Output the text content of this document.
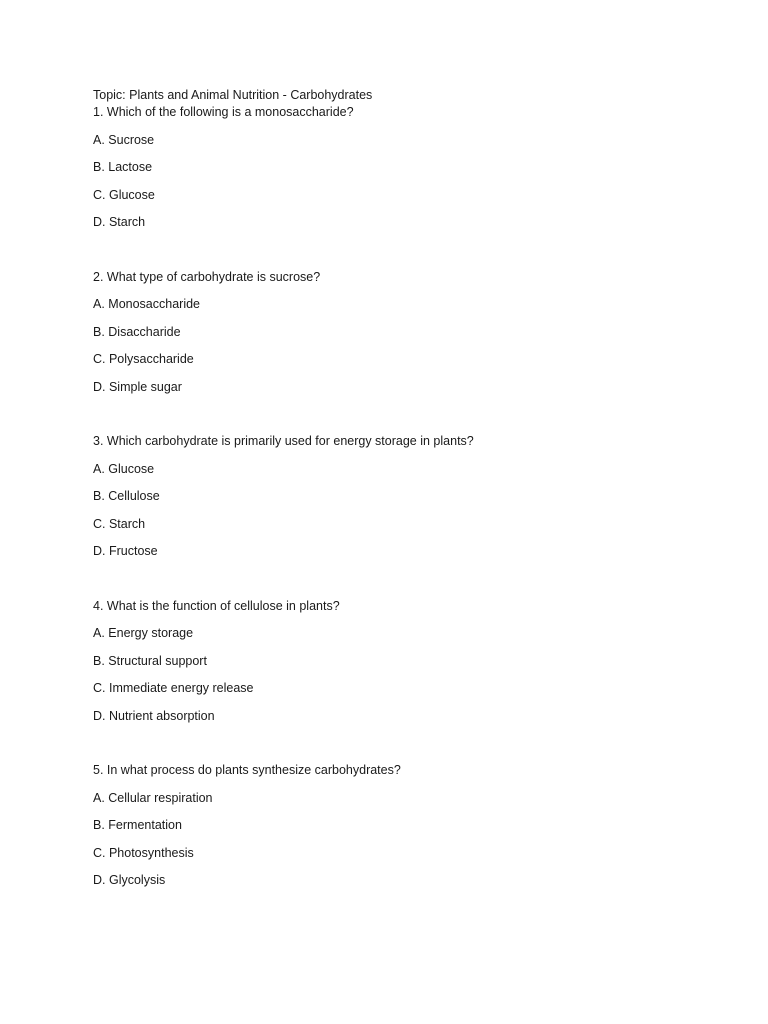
Topic: Plants and Animal Nutrition - Carbohydrates

1. Which of the following is a monosaccharide?

A. Sucrose
B. Lactose
C. Glucose
D. Starch

2. What type of carbohydrate is sucrose?

A. Monosaccharide
B. Disaccharide
C. Polysaccharide
D. Simple sugar

3. Which carbohydrate is primarily used for energy storage in plants?

A. Glucose
B. Cellulose
C. Starch
D. Fructose

4. What is the function of cellulose in plants?

A. Energy storage
B. Structural support
C. Immediate energy release
D. Nutrient absorption

5. In what process do plants synthesize carbohydrates?

A. Cellular respiration
B. Fermentation
C. Photosynthesis
D. Glycolysis
